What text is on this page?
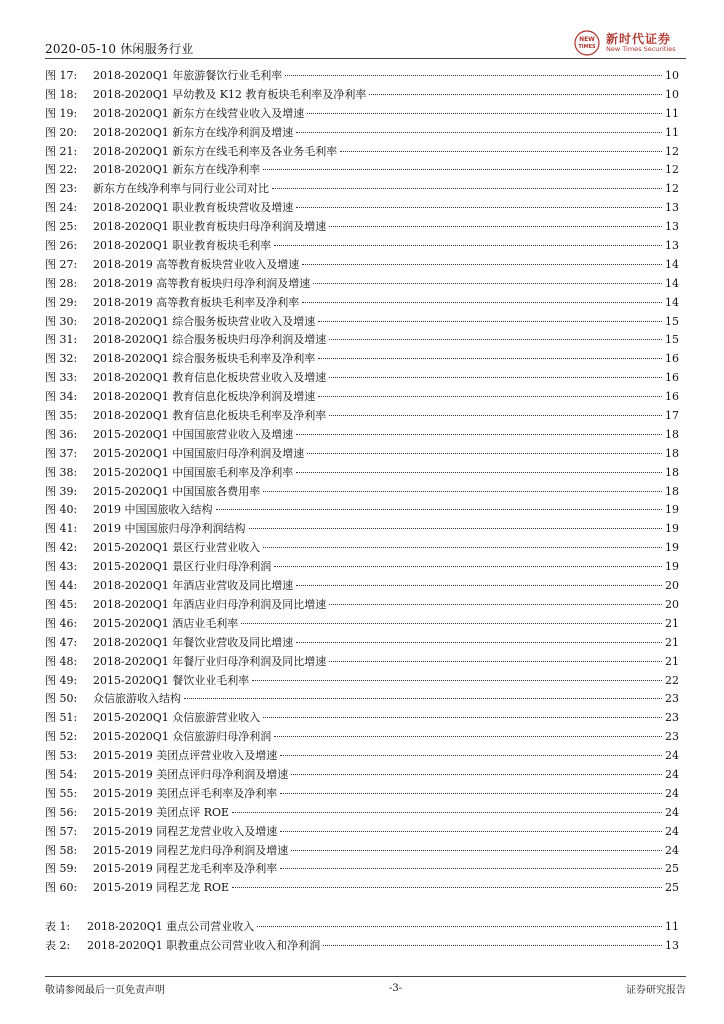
2020-05-10 休闲服务行业
NEW
TIMES
新时代证券
New Times Securities
图 17:	2018-2020Q1 年旅游餐饮行业毛利率	10
图 18:	2018-2020Q1 早幼教及 K12 教育板块毛利率及净利率	10
图 19:	2018-2020Q1 新东方在线营业收入及增速	11
图 20:	2018-2020Q1 新东方在线净利润及增速	11
图 21:	2018-2020Q1 新东方在线毛利率及各业务毛利率	12
图 22:	2018-2020Q1 新东方在线净利率	12
图 23:	新东方在线净利率与同行业公司对比	12
图 24:	2018-2020Q1 职业教育板块营收及增速	13
图 25:	2018-2020Q1 职业教育板块归母净利润及增速	13
图 26:	2018-2020Q1 职业教育板块毛利率	13
图 27:	2018-2019 高等教育板块营业收入及增速	14
图 28:	2018-2019 高等教育板块归母净利润及增速	14
图 29:	2018-2019 高等教育板块毛利率及净利率	14
图 30:	2018-2020Q1 综合服务板块营业收入及增速	15
图 31:	2018-2020Q1 综合服务板块归母净利润及增速	15
图 32:	2018-2020Q1 综合服务板块毛利率及净利率	16
图 33:	2018-2020Q1 教育信息化板块营业收入及增速	16
图 34:	2018-2020Q1 教育信息化板块净利润及增速	16
图 35:	2018-2020Q1 教育信息化板块毛利率及净利率	17
图 36:	2015-2020Q1 中国国旅营业收入及增速	18
图 37:	2015-2020Q1 中国国旅归母净利润及增速	18
图 38:	2015-2020Q1 中国国旅毛利率及净利率	18
图 39:	2015-2020Q1 中国国旅各费用率	18
图 40:	2019 中国国旅收入结构	19
图 41:	2019 中国国旅归母净利润结构	19
图 42:	2015-2020Q1 景区行业营业收入	19
图 43:	2015-2020Q1 景区行业归母净利润	19
图 44:	2018-2020Q1 年酒店业营收及同比增速	20
图 45:	2018-2020Q1 年酒店业归母净利润及同比增速	20
图 46:	2015-2020Q1 酒店业毛利率	21
图 47:	2018-2020Q1 年餐饮业营收及同比增速	21
图 48:	2018-2020Q1 年餐厅业归母净利润及同比增速	21
图 49:	2015-2020Q1 餐饮业业毛利率	22
图 50:	众信旅游收入结构	23
图 51:	2015-2020Q1 众信旅游营业收入	23
图 52:	2015-2020Q1 众信旅游归母净利润	23
图 53:	2015-2019 美团点评营业收入及增速	24
图 54:	2015-2019 美团点评归母净利润及增速	24
图 55:	2015-2019 美团点评毛利率及净利率	24
图 56:	2015-2019 美团点评 ROE	24
图 57:	2015-2019 同程艺龙营业收入及增速	24
图 58:	2015-2019 同程艺龙归母净利润及增速	24
图 59:	2015-2019 同程艺龙毛利率及净利率	25
图 60:	2015-2019 同程艺龙 ROE	25
表 1:	2018-2020Q1 重点公司营业收入	11
表 2:	2018-2020Q1 职教重点公司营业收入和净利润	13
敬请参阅最后一页免责声明	-3-	证券研究报告
